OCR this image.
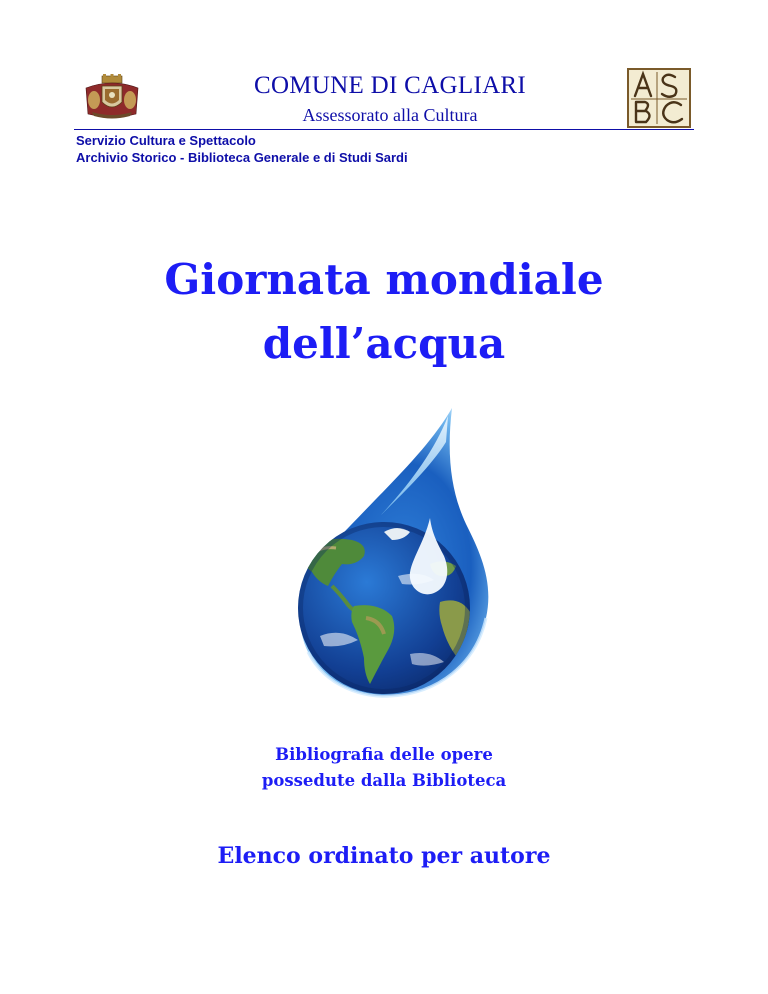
COMUNE DI CAGLIARI
Assessorato alla Cultura
Servizio Cultura e Spettacolo
Archivio Storico - Biblioteca Generale e di Studi Sardi
Giornata mondiale
dell’acqua
Bibliografia delle opere
possedute dalla Biblioteca
Elenco ordinato per autore
